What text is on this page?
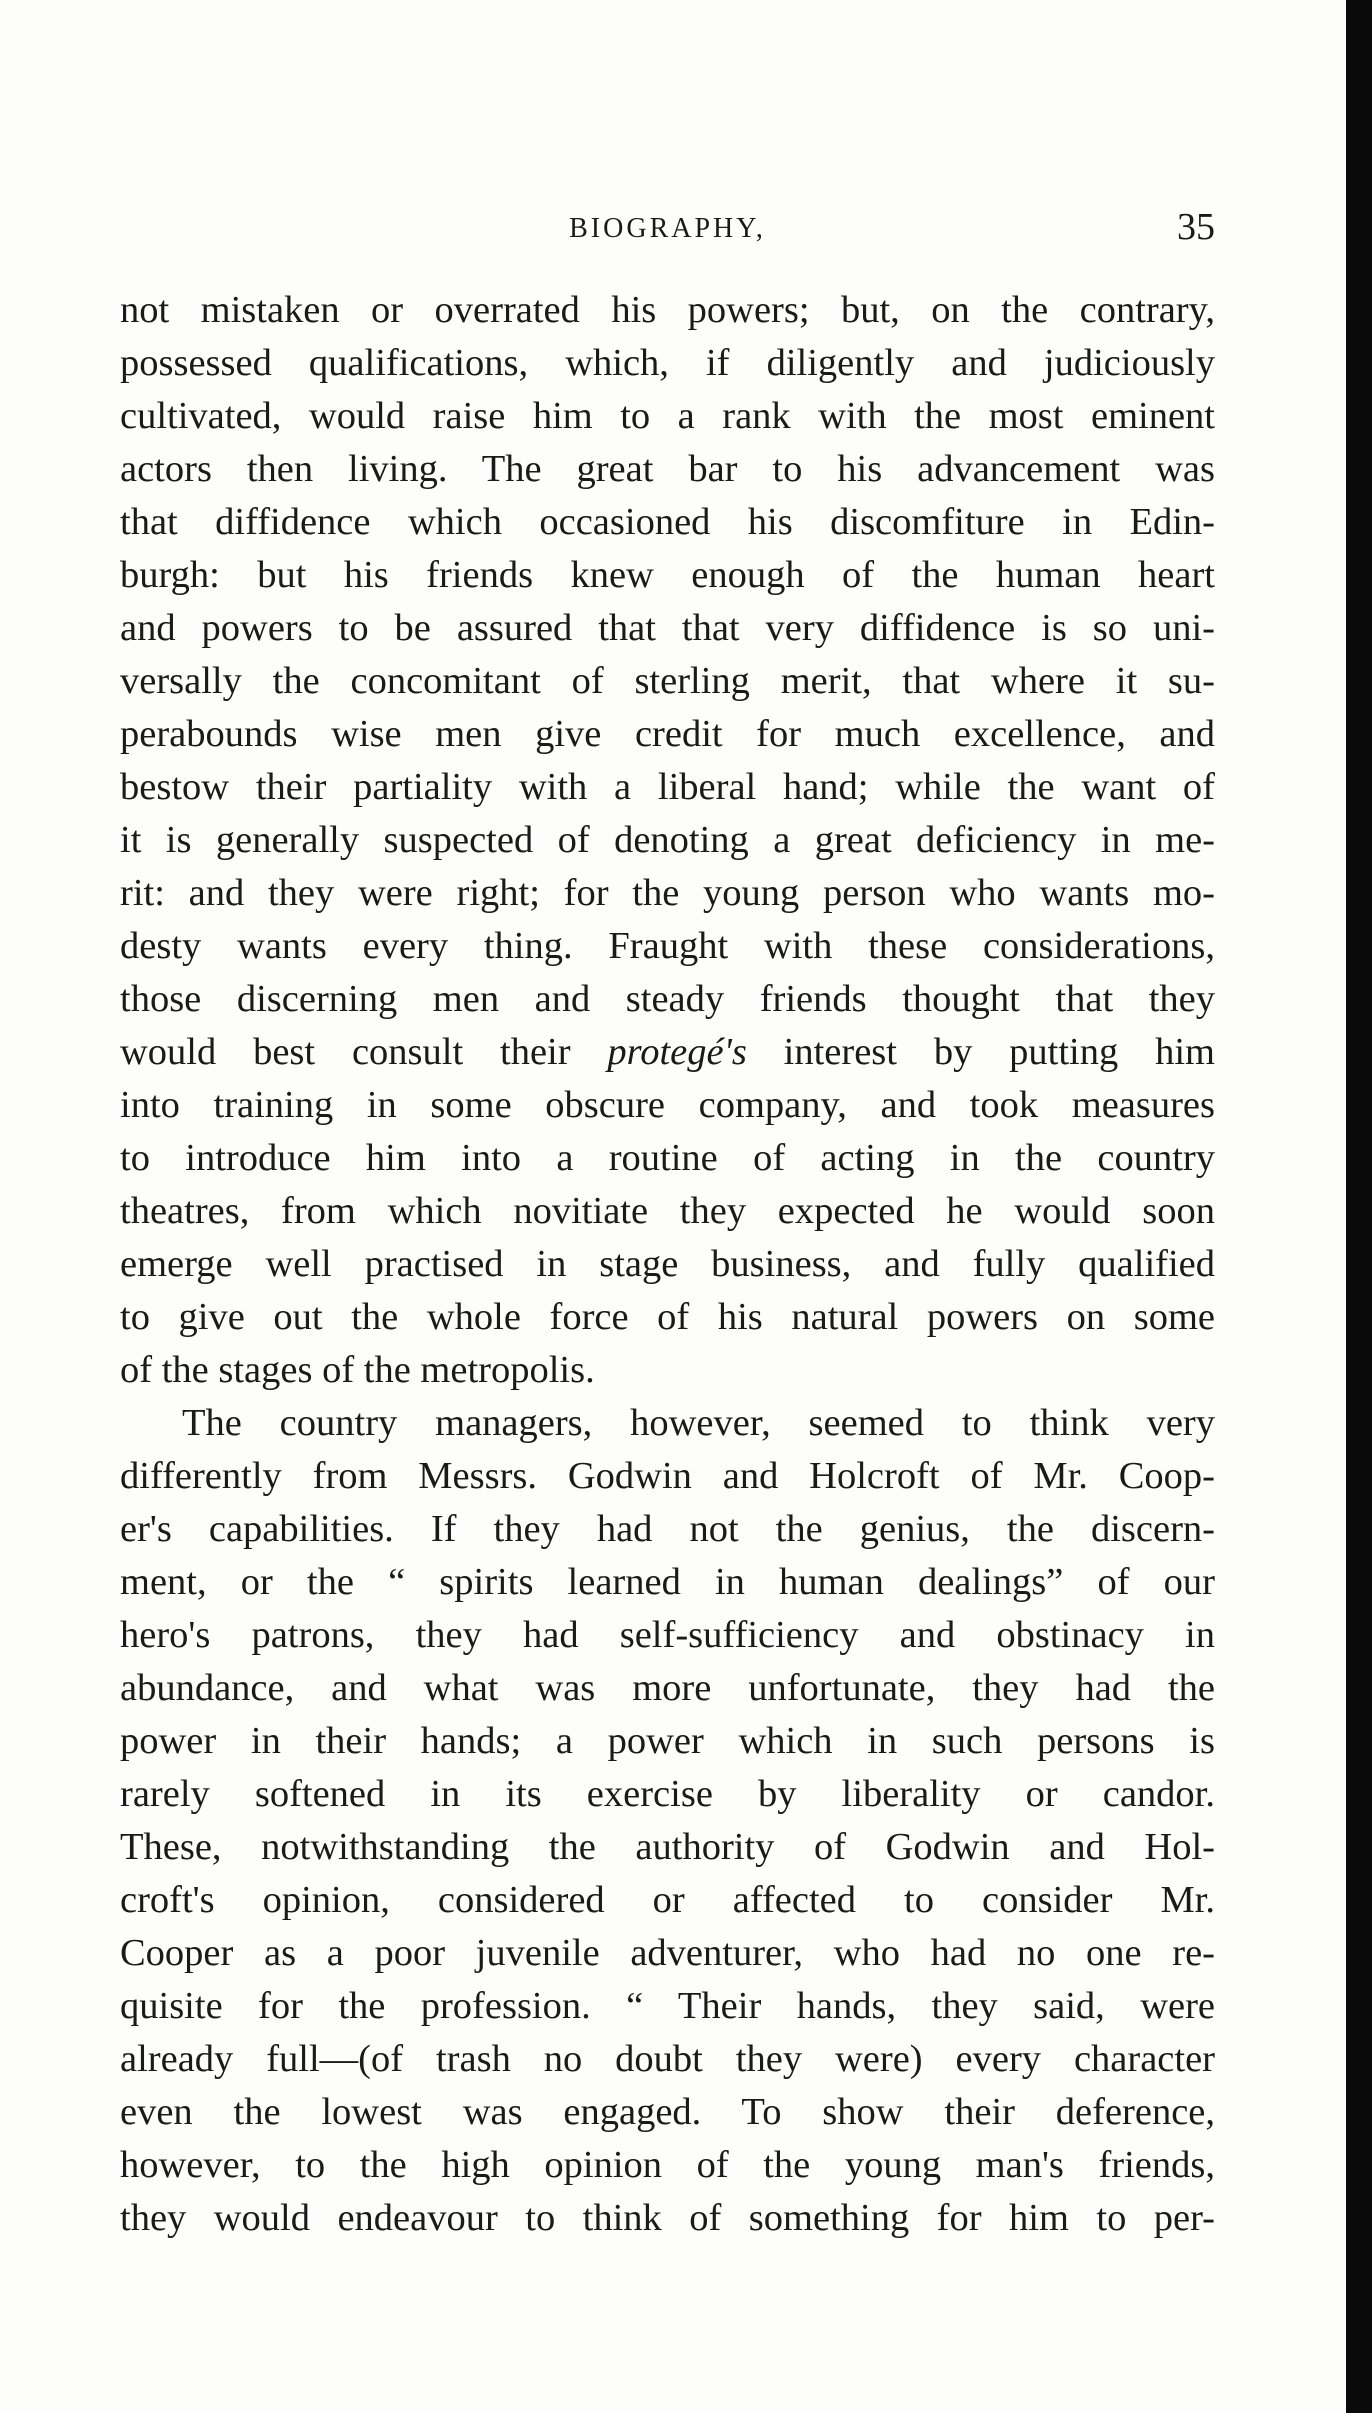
BIOGRAPHY,	35
not mistaken or overrated his powers; but, on the contrary,
possessed qualifications, which, if diligently and judiciously
cultivated, would raise him to a rank with the most eminent
actors then living. The great bar to his advancement was
that diffidence which occasioned his discomfiture in Edin-
burgh: but his friends knew enough of the human heart
and powers to be assured that that very diffidence is so uni-
versally the concomitant of sterling merit, that where it su-
perabounds wise men give credit for much excellence, and
bestow their partiality with a liberal hand; while the want of
it is generally suspected of denoting a great deficiency in me-
rit: and they were right; for the young person who wants mo-
desty wants every thing. Fraught with these considerations,
those discerning men and steady friends thought that they
would best consult their protegé's interest by putting him
into training in some obscure company, and took measures
to introduce him into a routine of acting in the country
theatres, from which novitiate they expected he would soon
emerge well practised in stage business, and fully qualified
to give out the whole force of his natural powers on some
of the stages of the metropolis.
The country managers, however, seemed to think very
differently from Messrs. Godwin and Holcroft of Mr. Coop-
er's capabilities. If they had not the genius, the discern-
ment, or the “ spirits learned in human dealings” of our
hero's patrons, they had self-sufficiency and obstinacy in
abundance, and what was more unfortunate, they had the
power in their hands; a power which in such persons is
rarely softened in its exercise by liberality or candor.
These, notwithstanding the authority of Godwin and Hol-
croft's opinion, considered or affected to consider Mr.
Cooper as a poor juvenile adventurer, who had no one re-
quisite for the profession. “ Their hands, they said, were
already full—(of trash no doubt they were) every character
even the lowest was engaged. To show their deference,
however, to the high opinion of the young man's friends,
they would endeavour to think of something for him to per-
